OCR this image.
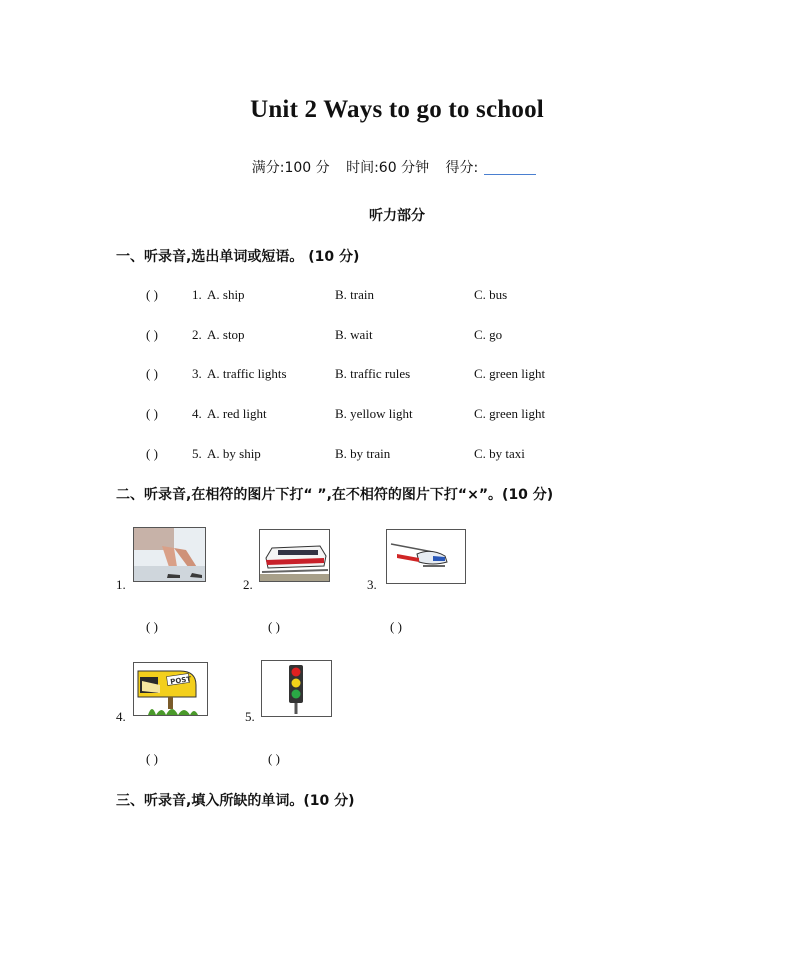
Unit 2 Ways to go to school
满分:100 分 时间:60 分钟 得分:
听力部分
一、听录音,选出单词或短语。 (10 分)
( )	1. A. ship	B. train	C. bus
( )	2. A. stop	B. wait	C. go
( )	3. A. traffic lights	B. traffic rules	C. green light
( )	4. A. red light	B. yellow light	C. green light
( )	5. A. by ship	B. by train	C. by taxi
二、听录音,在相符的图片下打“ ”,在不相符的图片下打“×”。(10 分)
1.	2.	3.
( )	( )	( )
4.
POST
5.
( )	( )
三、听录音,填入所缺的单词。(10 分)
